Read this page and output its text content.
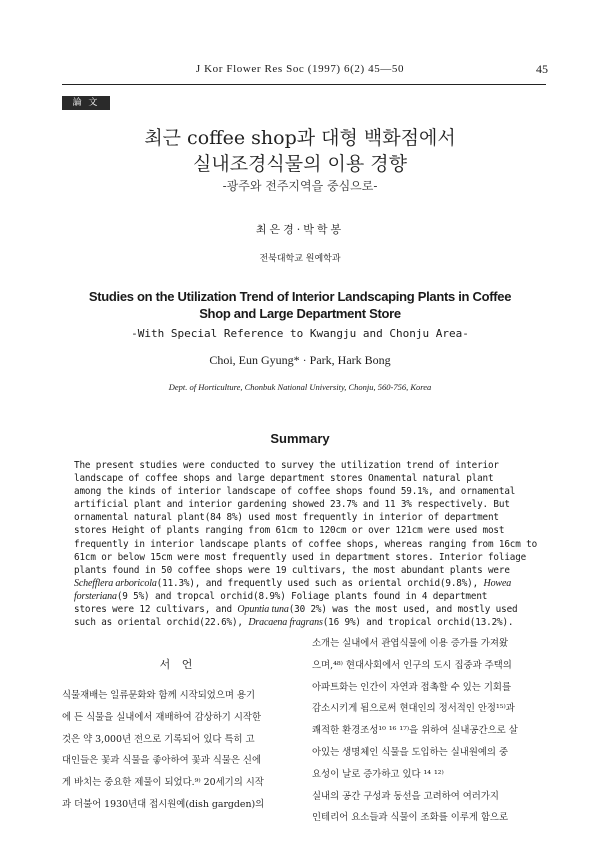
J Kor Flower Res Soc (1997) 6(2) 45—50	45
論 文
최근 coffee shop과 대형 백화점에서
실내조경식물의 이용 경향
-광주와 전주지역을 중심으로-
최은경·박학봉
전북대학교 원예학과
Studies on the Utilization Trend of Interior Landscaping Plants in Coffee
Shop and Large Department Store
-With Special Reference to Kwangju and Chonju Area-
Choi, Eun Gyung* · Park, Hark Bong
Dept. of Horticulture, Chonbuk National University, Chonju, 560-756, Korea
Summary
The present studies were conducted to survey the utilization trend of interior
landscape of coffee shops and large department stores Onamental natural plant
among the kinds of interior landscape of coffee shops found 59.1%, and ornamental
artificial plant and interior gardening showed 23.7% and 11 3% respectively. But
ornamental natural plant(84 8%) used most frequently in interior of department
stores Height of plants ranging from 61cm to 120cm or over 121cm were used most
frequently in interior landscape plants of coffee shops, whereas ranging from 16cm to
61cm or below 15cm were most frequently used in department stores. Interior foliage
plants found in 50 coffee shops were 19 cultivars, the most abundant plants were
Schefflera arboricola(11.3%), and frequently used such as oriental orchid(9.8%), Howea
forsteriana(9 5%) and tropcal orchid(8.9%) Foliage plants found in 4 department
stores were 12 cultivars, and Opuntia tuna(30 2%) was the most used, and mostly used
such as oriental orchid(22.6%), Dracaena fragrans(16 9%) and tropical orchid(13.2%).
서 언
식물재배는 일류문화와 함께 시작되었으며 용기
에 든 식물을 실내에서 재배하여 감상하기 시작한
것은 약 3,000년 전으로 기록되어 있다 특히 고
대인들은 꽃과 식물을 좋아하여 꽃과 식물은 신에
게 바치는 중요한 제물이 되었다.⁹⁾ 20세기의 시작
과 더불어 1930년대 접시원예(dish gargden)의
소개는 실내에서 관엽식물에 이용 증가를 가져왔
으며,⁴⁸⁾ 현대사회에서 인구의 도시 집중과 주택의
아파트화는 인간이 자연과 접촉할 수 있는 기회를
감소시키게 됨으로써 현대인의 정서적인 안정¹⁵⁾과
쾌적한 환경조성¹⁰ ¹⁶ ¹⁷⁾을 위하여 실내공간으로 살
아있는 생명체인 식물을 도입하는 실내원예의 중
요성이 날로 증가하고 있다 ¹⁴ ¹²⁾
실내의 공간 구성과 동선을 고려하여 여러가지
인테리어 요소들과 식물이 조화를 이루게 함으로
